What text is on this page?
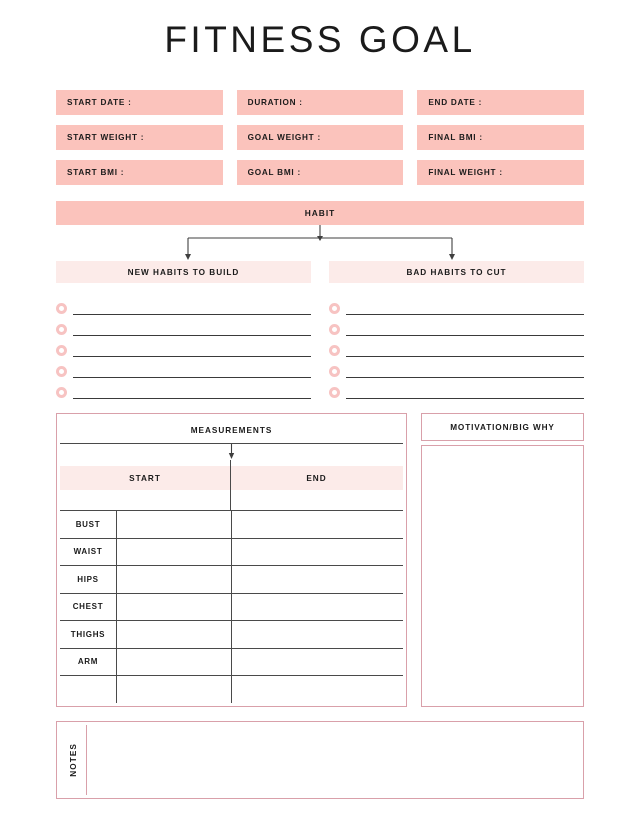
FITNESS GOAL
START DATE :	DURATION :	END DATE :
START WEIGHT :	GOAL WEIGHT :	FINAL BMI :
START BMI :	GOAL BMI :	FINAL WEIGHT :
HABIT
NEW HABITS TO BUILD	BAD HABITS TO CUT
MEASUREMENTS
START	END
BUST		
WAIST		
HIPS		
CHEST		
THIGHS		
ARM		

MOTIVATION/BIG WHY
NOTES
